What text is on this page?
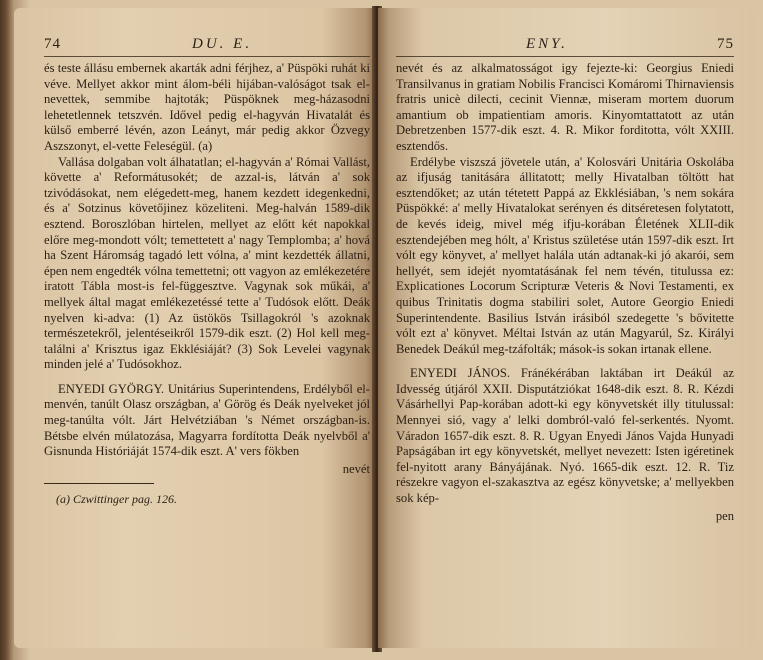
74	DU. E.

és teste állásu embernek akarták adni férjhez, a' Püspöki ruhát ki véve. Mellyet akkor mint álom-béli hijában-valóságot tsak el-nevettek, semmibe hajtoták; Püspöknek meg-házasodni lehetetlennek tetszvén. Idővel pedig el-hagyván Hivatalát és külső emberré lévén, azon Leányt, már pedig akkor Özvegy Aszszonyt, el-vette Feleségül. (a)

Vallása dolgaban volt álhatatlan; el-hagyván a' Római Vallást, követte a' Reformátusokét; de azzal-is, látván a' sok tzivódásokat, nem elégedett-meg, hanem kezdett idegenkedni, és a' Sotzinus követőjinez közeliteni. Meg-halván 1589-dik esztend. Boroszlóban hirtelen, mellyet az előtt két napokkal előre meg-mondott vólt; temettetett a' nagy Templomba; a' hová ha Szent Háromság tagadó lett vólna, a' mint kezdették állatni, épen nem engedték vólna temettetni; ott vagyon az emlékezetére iratott Tábla most-is fel-függesztve. Vagynak sok műkái, a' mellyek által magat emlékezetéssé tette a' Tudósok előtt. Deák nyelven ki-adva: (1) Az üstökös Tsillagokról 's azoknak természetekről, jelentéseikről 1579-dik eszt. (2) Hol kell meg-találni a' Krisztus igaz Ekklésiáját? (3) Sok Levelei vagynak minden jelé a' Tudósokhoz.

ENYEDI GYÖRGY. Unitárius Superintendens, Erdélyből el-menvén, tanúlt Olasz országban, a' Görög és Deák nyelveket jól meg-tanúlta vólt. Járt Helvétziában 's Német országban-is. Bétsbe elvén múlatozása, Magyarra fordította Deák nyelvből a' Gisnunda Históriáját 1574-dik eszt. A' vers fökben

nevét
(a) Czwittinger pag. 126.
ENY.	75

nevét és az alkalmatosságot igy fejezte-ki: Georgius Eniedi Transilvanus in gratiam Nobilis Francisci Komáromi Thirnaviensis fratris unicè dilecti, cecinit Viennæ, miseram mortem duorum amantium ob impatientiam amoris. Kinyomtattatott az után Debretzenben 1577-dik eszt. 4. R. Mikor forditotta, vólt XXIII. esztendős.

Erdélybe viszszá jövetele után, a' Kolosvári Unitária Oskolába az ifjuság tanitására állitatott; melly Hivatalban töltött hat esztendőket; az után tétetett Pappá az Ekklésiában, 's nem sokára Püspökké: a' melly Hivatalokat serényen és ditséretesen folytatott, de kevés ideig, mivel még ifju-korában Életének XLII-dik esztendejében meg hólt, a' Kristus születése után 1597-dik eszt. Irt vólt egy könyvet, a' mellyet halála után adtanak-ki jó akarói, sem hellyét, sem idejét nyomtatásának fel nem tévén, titulussa ez: Explicationes Locorum Scripturæ Veteris & Novi Testamenti, ex quibus Trinitatis dogma stabiliri solet, Autore Georgio Eniedi Superintendente. Basilius István irásiból szedegette 's bővitette vólt ezt a' könyvet. Méltai István az után Magyarúl, Sz. Királyi Benedek Deákúl meg-tzáfolták; mások-is sokan irtanak ellene.

ENYEDI JÁNOS. Fránékérában laktában irt Deákúl az Idvesség útjáról XXII. Disputátziókat 1648-dik eszt. 8. R. Kézdi Vásárhellyi Pap-korában adott-ki egy könyvetskét illy titulussal: Mennyei sió, vagy a' lelki dombról-való fel-serkentés. Nyomt. Váradon 1657-dik eszt. 8. R. Ugyan Enyedi János Vajda Hunyadi Papságában irt egy könyvetskét, mellyet nevezett: Isten igéretinek fel-nyitott arany Bányájának. Nyó. 1665-dik eszt. 12. R. Tiz részekre vagyon el-szakasztva az egész könyvetske; a' mellyekben sok kép-

pen
